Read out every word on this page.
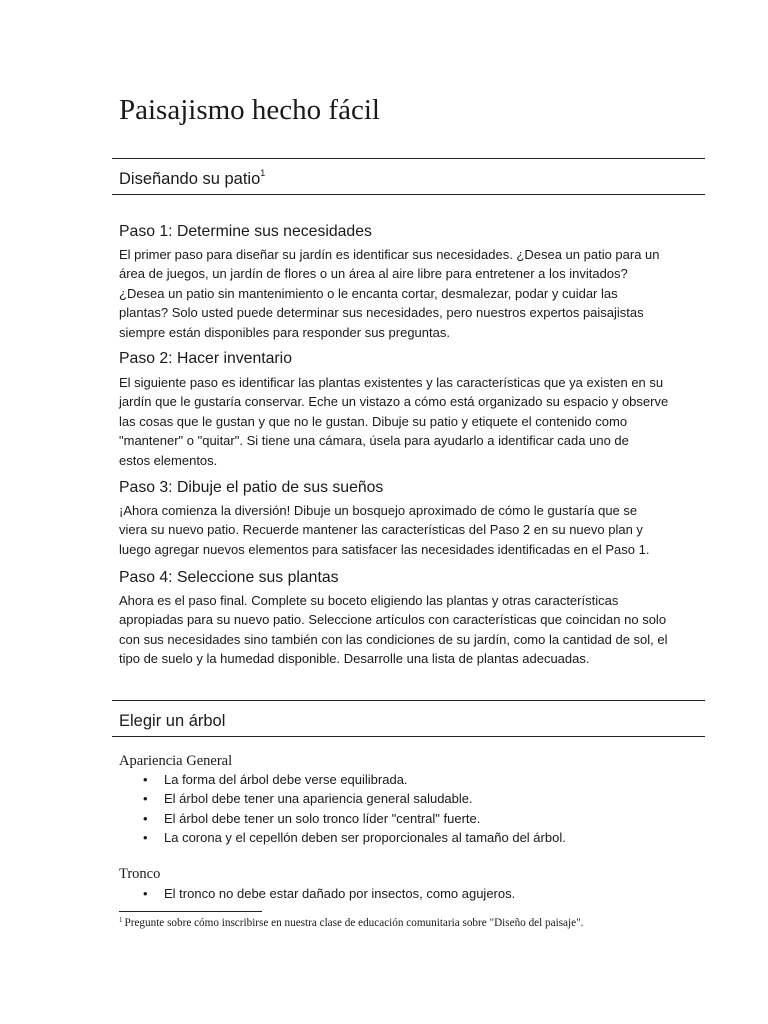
Paisajismo hecho fácil
Diseñando su patio$^1$
Paso 1: Determine sus necesidades

El primer paso para diseñar su jardín es identificar sus necesidades. ¿Desea un patio para un
área de juegos, un jardín de flores o un área al aire libre para entretener a los invitados?
¿Desea un patio sin mantenimiento o le encanta cortar, desmalezar, podar y cuidar las
plantas? Solo usted puede determinar sus necesidades, pero nuestros expertos paisajistas
siempre están disponibles para responder sus preguntas.

Paso 2: Hacer inventario

El siguiente paso es identificar las plantas existentes y las características que ya existen en su
jardín que le gustaría conservar. Eche un vistazo a cómo está organizado su espacio y observe
las cosas que le gustan y que no le gustan. Dibuje su patio y etiquete el contenido como
"mantener" o "quitar". Si tiene una cámara, úsela para ayudarlo a identificar cada uno de
estos elementos.

Paso 3: Dibuje el patio de sus sueños

¡Ahora comienza la diversión! Dibuje un bosquejo aproximado de cómo le gustaría que se
viera su nuevo patio. Recuerde mantener las características del Paso 2 en su nuevo plan y
luego agregar nuevos elementos para satisfacer las necesidades identificadas en el Paso 1.

Paso 4: Seleccione sus plantas

Ahora es el paso final. Complete su boceto eligiendo las plantas y otras características
apropiadas para su nuevo patio. Seleccione artículos con características que coincidan no solo
con sus necesidades sino también con las condiciones de su jardín, como la cantidad de sol, el
tipo de suelo y la humedad disponible. Desarrolle una lista de plantas adecuadas.

Elegir un árbol
Apariencia General
• La forma del árbol debe verse equilibrada.
• El árbol debe tener una apariencia general saludable.
• El árbol debe tener un solo tronco líder "central" fuerte.
• La corona y el cepellón deben ser proporcionales al tamaño del árbol.
Tronco
• El tronco no debe estar dañado por insectos, como agujeros.

$^1$ Pregunte sobre cómo inscribirse en nuestra clase de educación comunitaria sobre "Diseño del paisaje".
